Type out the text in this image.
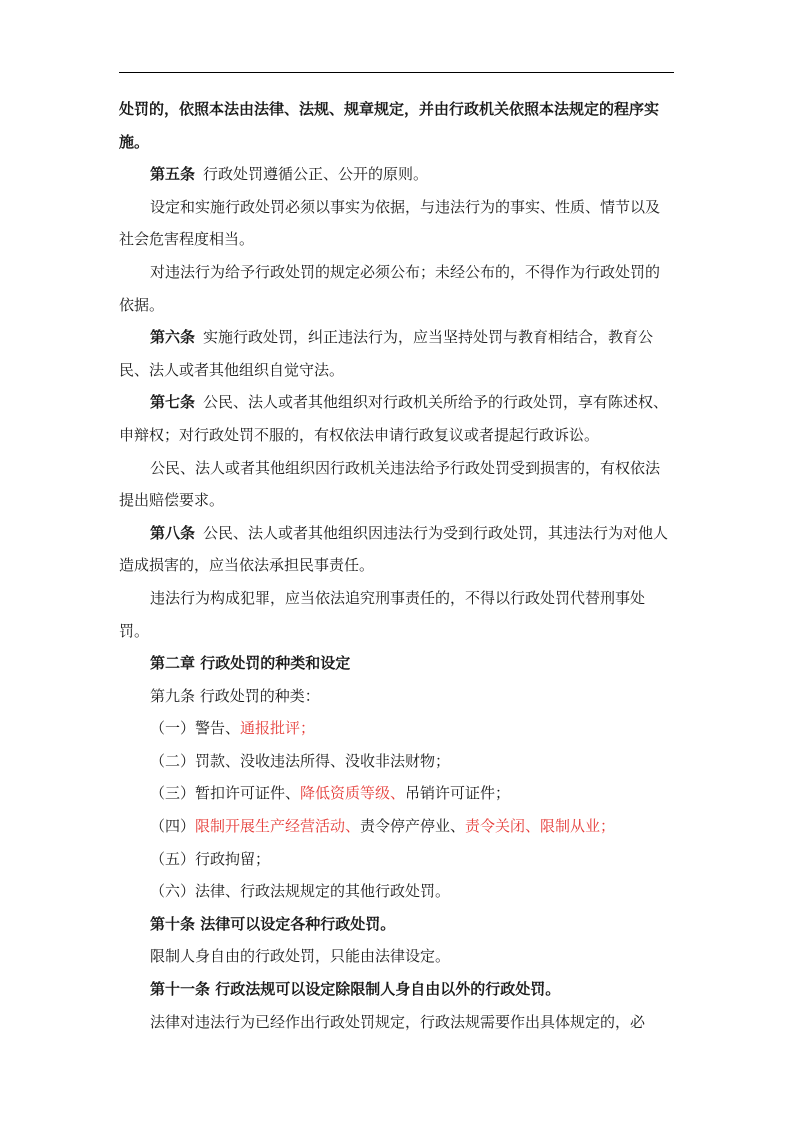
处罚的，依照本法由法律、法规、规章规定，并由行政机关依照本法规定的程序实施。

第五条 行政处罚遵循公正、公开的原则。

设定和实施行政处罚必须以事实为依据，与违法行为的事实、性质、情节以及社会危害程度相当。

对违法行为给予行政处罚的规定必须公布；未经公布的，不得作为行政处罚的依据。

第六条 实施行政处罚，纠正违法行为，应当坚持处罚与教育相结合，教育公民、法人或者其他组织自觉守法。

第七条 公民、法人或者其他组织对行政机关所给予的行政处罚，享有陈述权、申辩权；对行政处罚不服的，有权依法申请行政复议或者提起行政诉讼。

公民、法人或者其他组织因行政机关违法给予行政处罚受到损害的，有权依法提出赔偿要求。

第八条 公民、法人或者其他组织因违法行为受到行政处罚，其违法行为对他人造成损害的，应当依法承担民事责任。

违法行为构成犯罪，应当依法追究刑事责任的，不得以行政处罚代替刑事处罚。

第二章 行政处罚的种类和设定

第九条 行政处罚的种类：

（一）警告、通报批评；

（二）罚款、没收违法所得、没收非法财物；

（三）暂扣许可证件、降低资质等级、吊销许可证件；

（四）限制开展生产经营活动、责令停产停业、责令关闭、限制从业；

（五）行政拘留；

（六）法律、行政法规规定的其他行政处罚。

第十条 法律可以设定各种行政处罚。

限制人身自由的行政处罚，只能由法律设定。

第十一条 行政法规可以设定除限制人身自由以外的行政处罚。

法律对违法行为已经作出行政处罚规定，行政法规需要作出具体规定的，必
